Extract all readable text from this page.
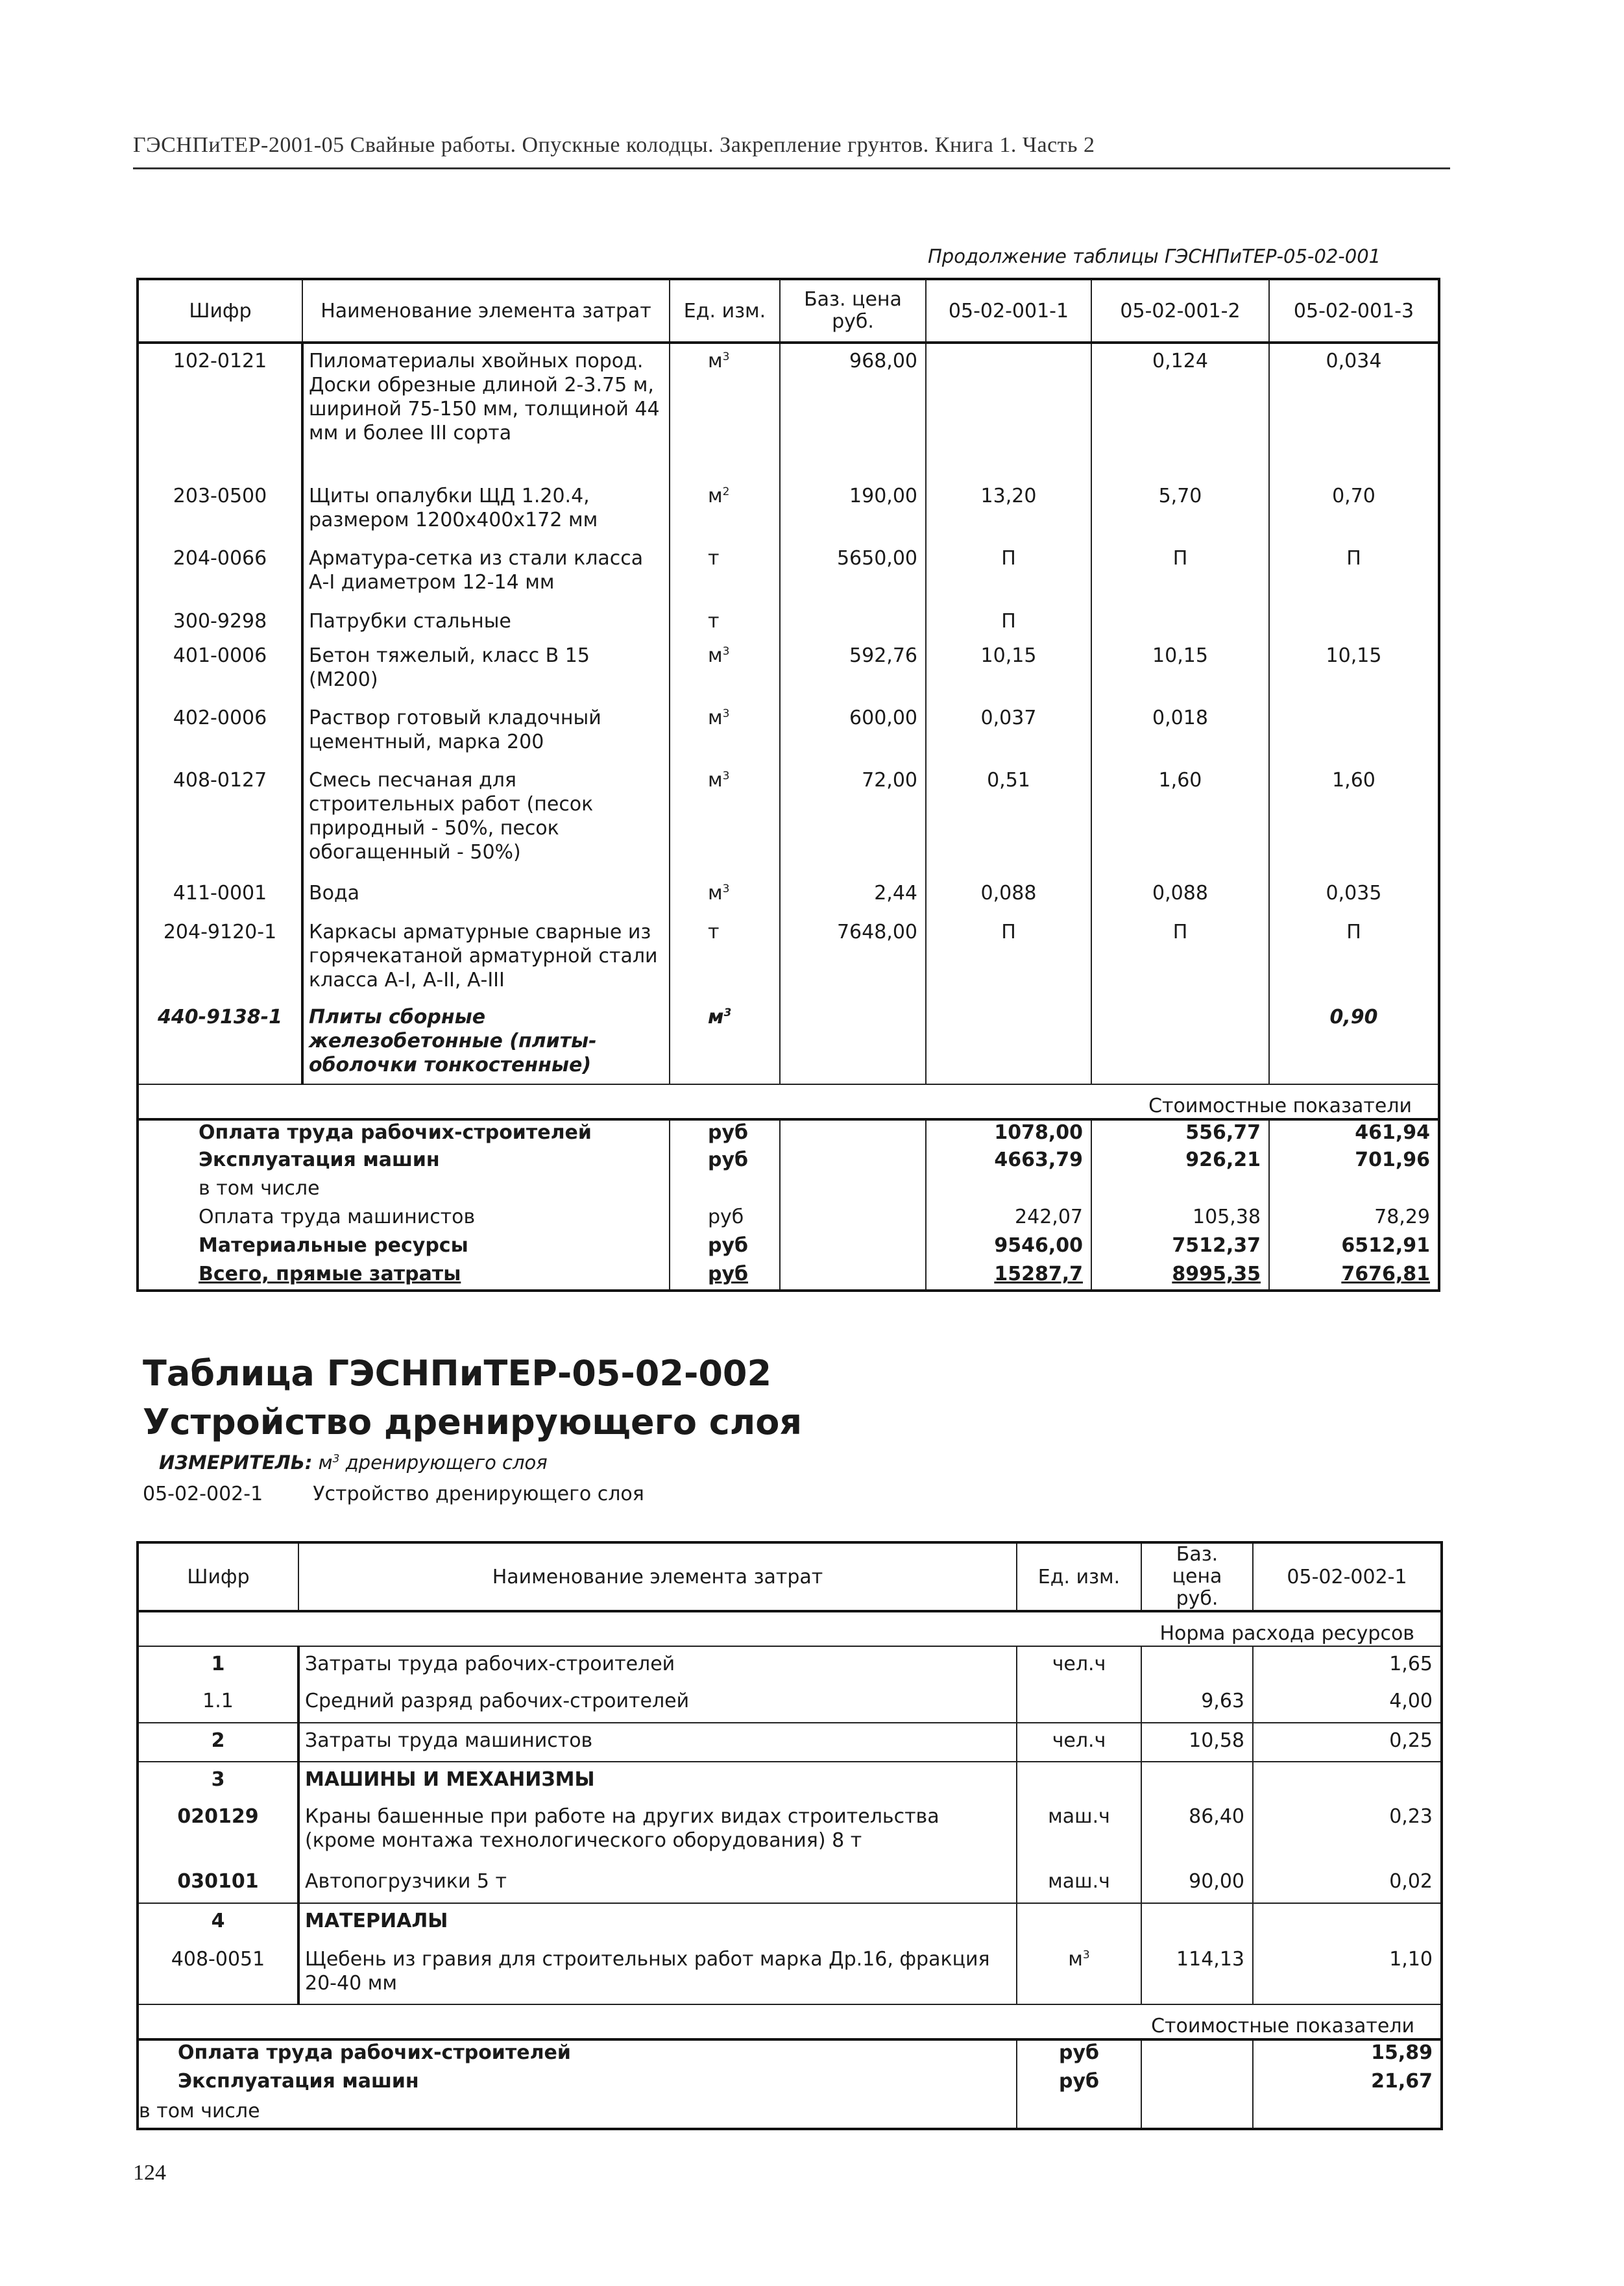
ГЭСНПиТЕР-2001-05 Свайные работы. Опускные колодцы. Закрепление грунтов. Книга 1. Часть 2
Продолжение таблицы ГЭСНПиТЕР-05-02-001
Шифр	Наименование элемента затрат	Ед. изм.	Баз. цена руб.	05-02-001-1	05-02-001-2	05-02-001-3
102-0121	Пиломатериалы хвойных пород. Доски обрезные длиной 2-3.75 м, шириной 75-150 мм, толщиной 44 мм и более III сорта	$м^3$	968,00		0,124	0,034
203-0500	Щиты опалубки ЩД 1.20.4, размером 1200x400x172 мм	$м^2$	190,00	13,20	5,70	0,70
204-0066	Арматура-сетка из стали класса А-I диаметром 12-14 мм	т	5650,00	П	П	П
300-9298	Патрубки стальные	т		П		
401-0006	Бетон тяжелый, класс В 15 (М200)	$м^3$	592,76	10,15	10,15	10,15
402-0006	Раствор готовый кладочный цементный, марка 200	$м^3$	600,00	0,037	0,018	
408-0127	Смесь песчаная для строительных работ (песок природный - 50%, песок обогащенный - 50%)	$м^3$	72,00	0,51	1,60	1,60
411-0001	Вода	$м^3$	2,44	0,088	0,088	0,035
204-9120-1	Каркасы арматурные сварные из горячекатаной арматурной стали класса А-I, А-II, А-III	т	7648,00	П	П	П
440-9138-1	Плиты сборные железобетонные (плиты-оболочки тонкостенные)	$м^3$				0,90
Стоимостные показатели						
Оплата труда рабочих-строителей		руб		1078,00	556,77	461,94
Эксплуатация машин		руб		4663,79	926,21	701,96
в том числе						
Оплата труда машинистов		руб		242,07	105,38	78,29
Материальные ресурсы		руб		9546,00	7512,37	6512,91
Всего, прямые затраты		руб		15287,7	8995,35	7676,81
Таблица ГЭСНПиТЕР-05-02-002
Устройство дренирующего слоя
ИЗМЕРИТЕЛЬ: $м^3$ дренирующего слоя
05-02-002-1	Устройство дренирующего слоя
Шифр	Наименование элемента затрат	Ед. изм.	Баз. цена руб.	05-02-002-1
Норма расхода ресурсов				
1	Затраты труда рабочих-строителей	чел.ч		1,65
1.1	Средний разряд рабочих-строителей		9,63	4,00
2	Затраты труда машинистов	чел.ч	10,58	0,25
3	МАШИНЫ И МЕХАНИЗМЫ			
020129	Краны башенные при работе на других видах строительства (кроме монтажа технологического оборудования) 8 т	маш.ч	86,40	0,23
030101	Автопогрузчики 5 т	маш.ч	90,00	0,02
4	МАТЕРИАЛЫ			
408-0051	Щебень из гравия для строительных работ марка Др.16, фракция 20-40 мм	$м^3$	114,13	1,10
Стоимостные показатели				
Оплата труда рабочих-строителей		руб		15,89
Эксплуатация машин		руб		21,67
в том числе				
124
